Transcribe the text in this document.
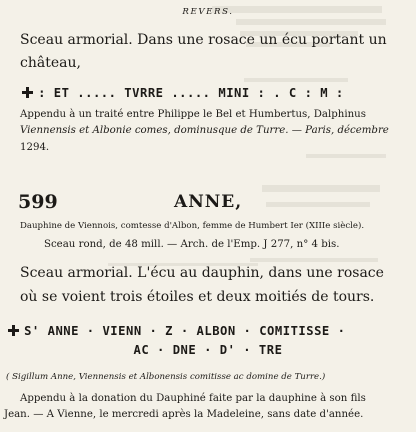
REVERS.
Sceau armorial. Dans une rosace un écu portant un
château,
: ET ..... TVRRE ..... MINI : . C : M :
Appendu à un traité entre Philippe le Bel et Humbertus, Dalphinus
Viennensis et Albonie comes, dominusque de Turre. — Paris, décembre
1294.
599	ANNE,
Dauphine de Viennois, comtesse d'Albon, femme de Humbert Ier (XIIIe siècle).
Sceau rond, de 48 mill. — Arch. de l'Emp. J 277, n° 4 bis.
Sceau armorial. L'écu au dauphin, dans une rosace
où se voient trois étoiles et deux moitiés de tours.
S' ANNE · VIENN · Z · ALBON · COMITISSE ·
AC · DNE · D' · TRE
( Sigillum Anne, Viennensis et Albonensis comitisse ac domine de Turre.)
Appendu à la donation du Dauphiné faite par la dauphine à son fils
Jean. — A Vienne, le mercredi après la Madeleine, sans date d'année.
